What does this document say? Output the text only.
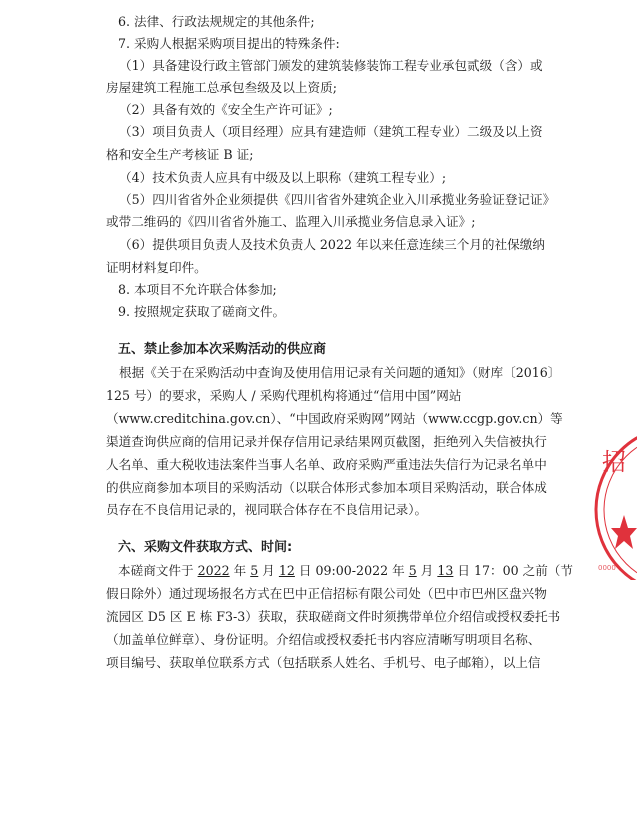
6. 法律、行政法规规定的其他条件;
7. 采购人根据采购项目提出的特殊条件:
（1）具备建设行政主管部门颁发的建筑装修装饰工程专业承包贰级（含）或
房屋建筑工程施工总承包叁级及以上资质;
（2）具备有效的《安全生产许可证》;
（3）项目负责人（项目经理）应具有建造师（建筑工程专业）二级及以上资
格和安全生产考核证 B 证;
（4）技术负责人应具有中级及以上职称（建筑工程专业）;
（5）四川省省外企业须提供《四川省省外建筑企业入川承揽业务验证登记证》
或带二维码的《四川省省外施工、监理入川承揽业务信息录入证》;
（6）提供项目负责人及技术负责人 2022 年以来任意连续三个月的社保缴纳
证明材料复印件。
8. 本项目不允许联合体参加;
9. 按照规定获取了磋商文件。
五、禁止参加本次采购活动的供应商
根据《关于在采购活动中查询及使用信用记录有关问题的通知》（财库〔2016〕
125 号）的要求，采购人 / 采购代理机构将通过“信用中国”网站
（www.creditchina.gov.cn）、“中国政府采购网”网站（www.ccgp.gov.cn）等
渠道查询供应商的信用记录并保存信用记录结果网页截图，拒绝列入失信被执行
人名单、重大税收违法案件当事人名单、政府采购严重违法失信行为记录名单中
的供应商参加本项目的采购活动（以联合体形式参加本项目采购活动，联合体成
员存在不良信用记录的，视同联合体存在不良信用记录）。
六、采购文件获取方式、时间:
本磋商文件于 2022 年 5 月 12 日 09:00-2022 年 5 月 13 日 17：00 之前（节
假日除外）通过现场报名方式在巴中正信招标有限公司处（巴中市巴州区盘兴物
流园区 D5 区 E 栋 F3-3）获取，获取磋商文件时须携带单位介绍信或授权委托书
（加盖单位鲜章）、身份证明。介绍信或授权委托书内容应清晰写明项目名称、
项目编号、获取单位联系方式（包括联系人姓名、手机号、电子邮箱），以上信
招
0000
